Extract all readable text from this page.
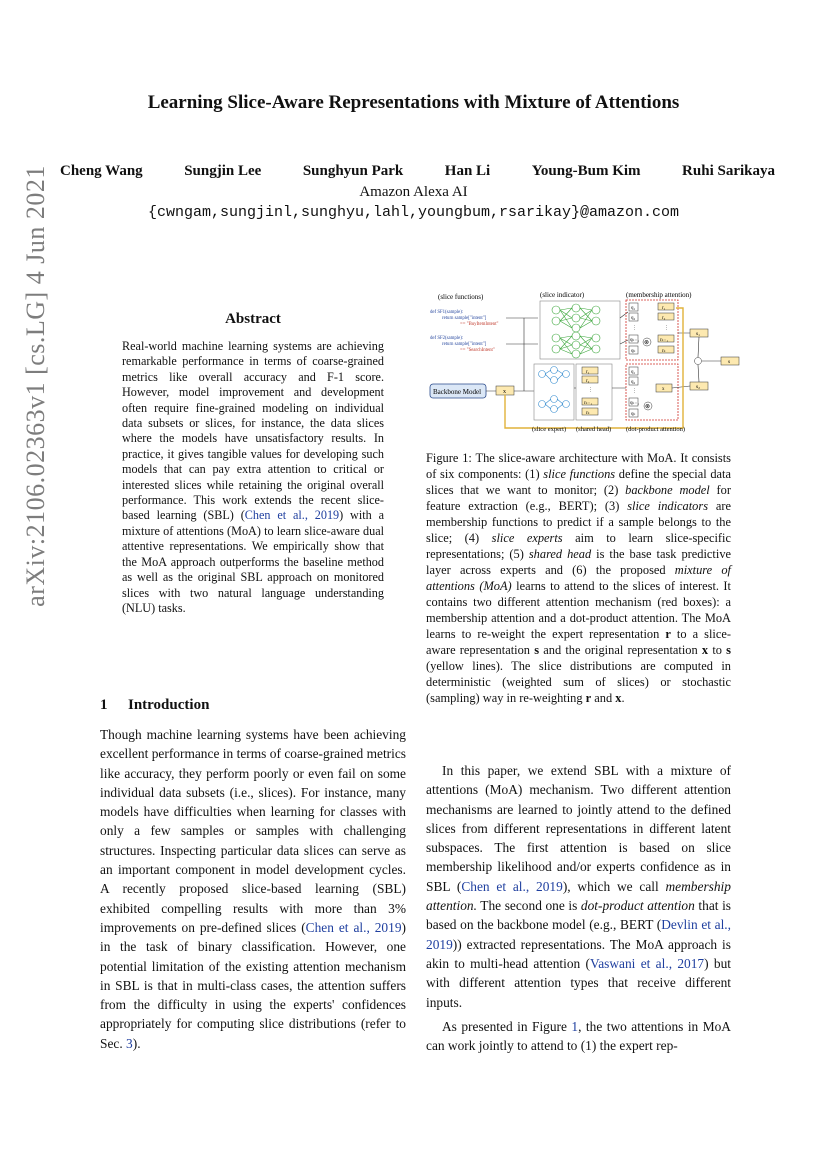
arXiv:2106.02363v1 [cs.LG] 4 Jun 2021
Learning Slice-Aware Representations with Mixture of Attentions
Cheng Wang	Sungjin Lee	Sunghyun Park	Han Li	Young-Bum Kim	Ruhi Sarikaya
Amazon Alexa AI
{cwngam,sungjinl,sunghyu,lahl,youngbum,rsarikay}@amazon.com
Abstract

Real-world machine learning systems are achieving remarkable performance in terms of coarse-grained metrics like overall accuracy and F-1 score. However, model improvement and development often require fine-grained modeling on individual data subsets or slices, for instance, the data slices where the models have unsatisfactory results. In practice, it gives tangible values for developing such models that can pay extra attention to critical or interested slices while retaining the original overall performance. This work extends the recent slice-based learning (SBL) (Chen et al., 2019) with a mixture of attentions (MoA) to learn slice-aware dual attentive representations. We empirically show that the MoA approach outperforms the baseline method as well as the original SBL approach on monitored slices with two natural language understanding (NLU) tasks.

1 Introduction

Though machine learning systems have been achieving excellent performance in terms of coarse-grained metrics like accuracy, they perform poorly or even fail on some individual data subsets (i.e., slices). For instance, many models have difficulties when learning for classes with only a few samples or samples with challenging structures. Inspecting particular data slices can serve as an important component in model development cycles. A recently proposed slice-based learning (SBL) exhibited compelling results with more than 3% improvements on pre-defined slices (Chen et al., 2019) in the task of binary classification. However, one potential limitation of the existing attention mechanism in SBL is that in multi-class cases, the attention suffers from the difficulty in using the experts' confidences appropriately for computing slice distributions (refer to Sec. 3).

(slice functions)	(slice indicator)	(membership attention)
def SF1(sample):
return sample["intent"]
== "BuyItemIntent"
def SF2(sample):
return sample["intent"]
== "SearchIntent"
q₁
q₂
⋮
qₖ₋₁
qₖ
⊗
r₁
r₂
⋮
rₖ₋₁
rₖ
s₁
s
s₂
Backbone Model	x
r₁
r₂
⋮
rₖ₋₁
rₖ
q₁
q₂
⋮
qₖ₋₁
qₖ
⊗
x
(slice expert) (shared head) (dot-product attention)

Figure 1: The slice-aware architecture with MoA. It consists of six components: (1) slice functions define the special data slices that we want to monitor; (2) backbone model for feature extraction (e.g., BERT); (3) slice indicators are membership functions to predict if a sample belongs to the slice; (4) slice experts aim to learn slice-specific representations; (5) shared head is the base task predictive layer across experts and (6) the proposed mixture of attentions (MoA) learns to attend to the slices of interest. It contains two different attention mechanism (red boxes): a membership attention and a dot-product attention. The MoA learns to re-weight the expert representation r to a slice-aware representation s and the original representation x to s (yellow lines). The slice distributions are computed in deterministic (weighted sum of slices) or stochastic (sampling) way in re-weighting r and x.

In this paper, we extend SBL with a mixture of attentions (MoA) mechanism. Two different attention mechanisms are learned to jointly attend to the defined slices from different representations in different latent subspaces. The first attention is based on slice membership likelihood and/or experts confidence as in SBL (Chen et al., 2019), which we call membership attention. The second one is dot-product attention that is based on the backbone model (e.g., BERT (Devlin et al., 2019)) extracted representations. The MoA approach is akin to multi-head attention (Vaswani et al., 2017) but with different attention types that receive different inputs.

As presented in Figure 1, the two attentions in MoA can work jointly to attend to (1) the expert rep-
